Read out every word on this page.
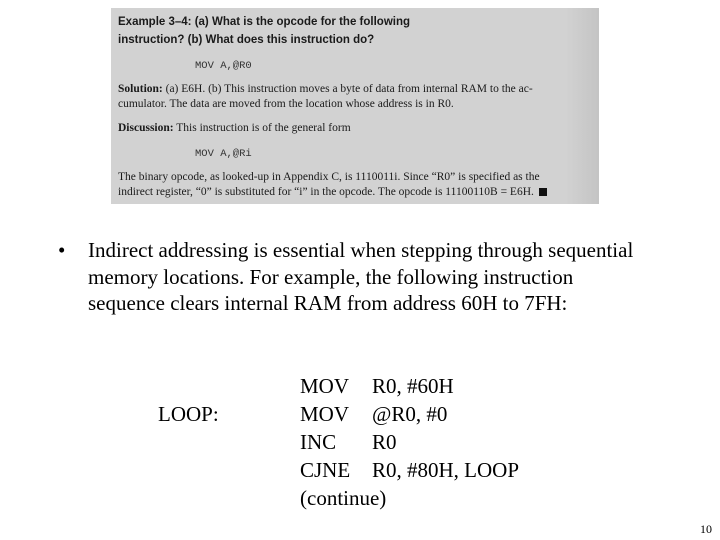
Example 3–4: (a) What is the opcode for the following
instruction? (b) What does this instruction do?
MOV A,@R0
Solution: (a) E6H. (b) This instruction moves a byte of data from internal RAM to the ac-
cumulator. The data are moved from the location whose address is in R0.
Discussion: This instruction is of the general form
MOV A,@Ri
The binary opcode, as looked-up in Appendix C, is 1110011i. Since “R0” is specified as the
indirect register, “0” is substituted for “i” in the opcode. The opcode is 11100110B = E6H.
• Indirect addressing is essential when stepping through sequential memory locations. For example, the following instruction sequence clears internal RAM from address 60H to 7FH:
LOOP:
MOV R0, #60H
MOV @R0, #0
INC R0
CJNE R0, #80H, LOOP
(continue)
10
